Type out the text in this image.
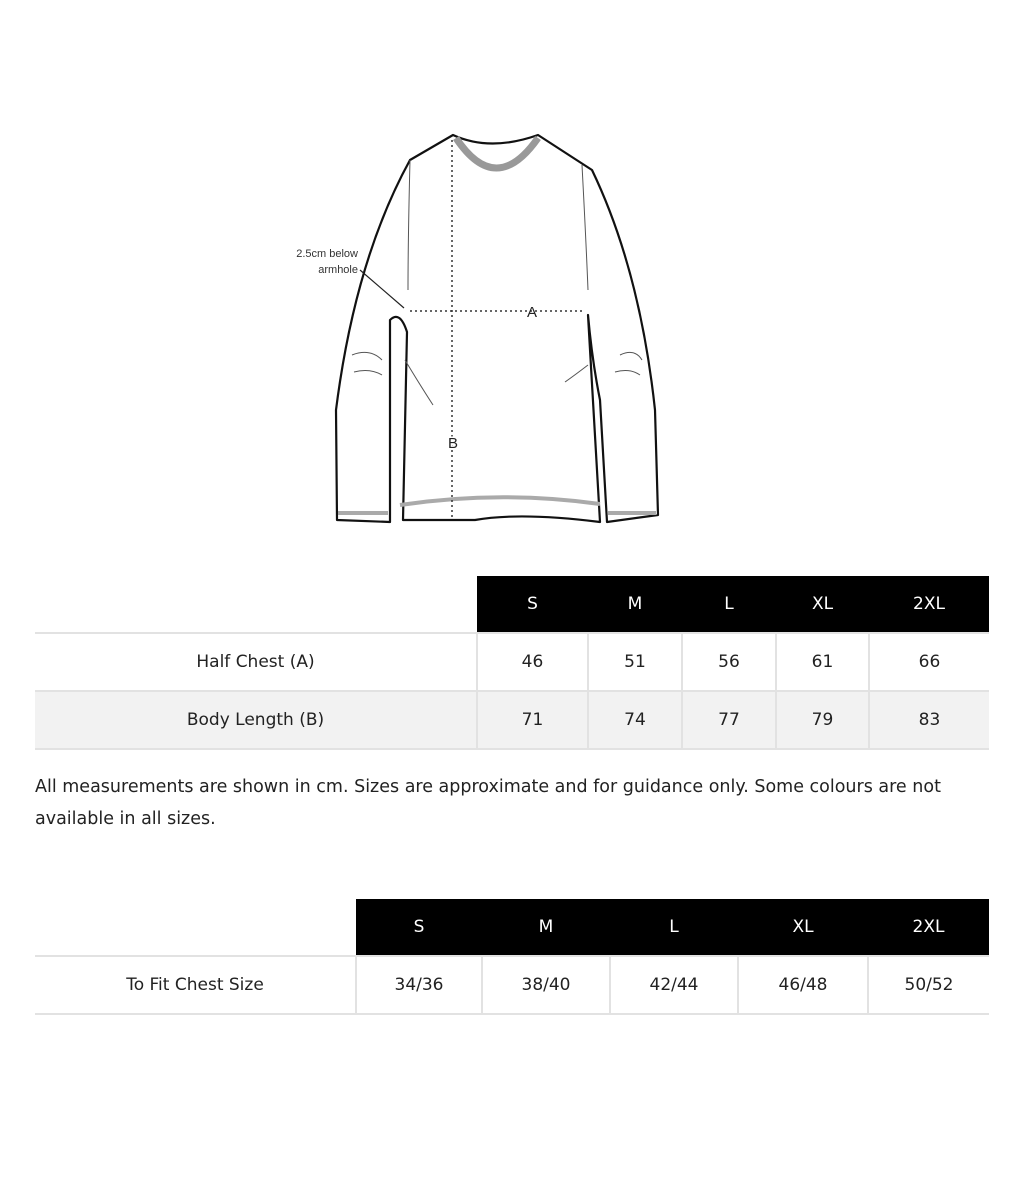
2.5cm below
armhole
A
B
	S	M	L	XL	2XL
Half Chest (A)	46	51	56	61	66
Body Length (B)	71	74	77	79	83

All measurements are shown in cm. Sizes are approximate and for guidance only. Some colours are not available in all sizes.

	S	M	L	XL	2XL
To Fit Chest Size	34/36	38/40	42/44	46/48	50/52
